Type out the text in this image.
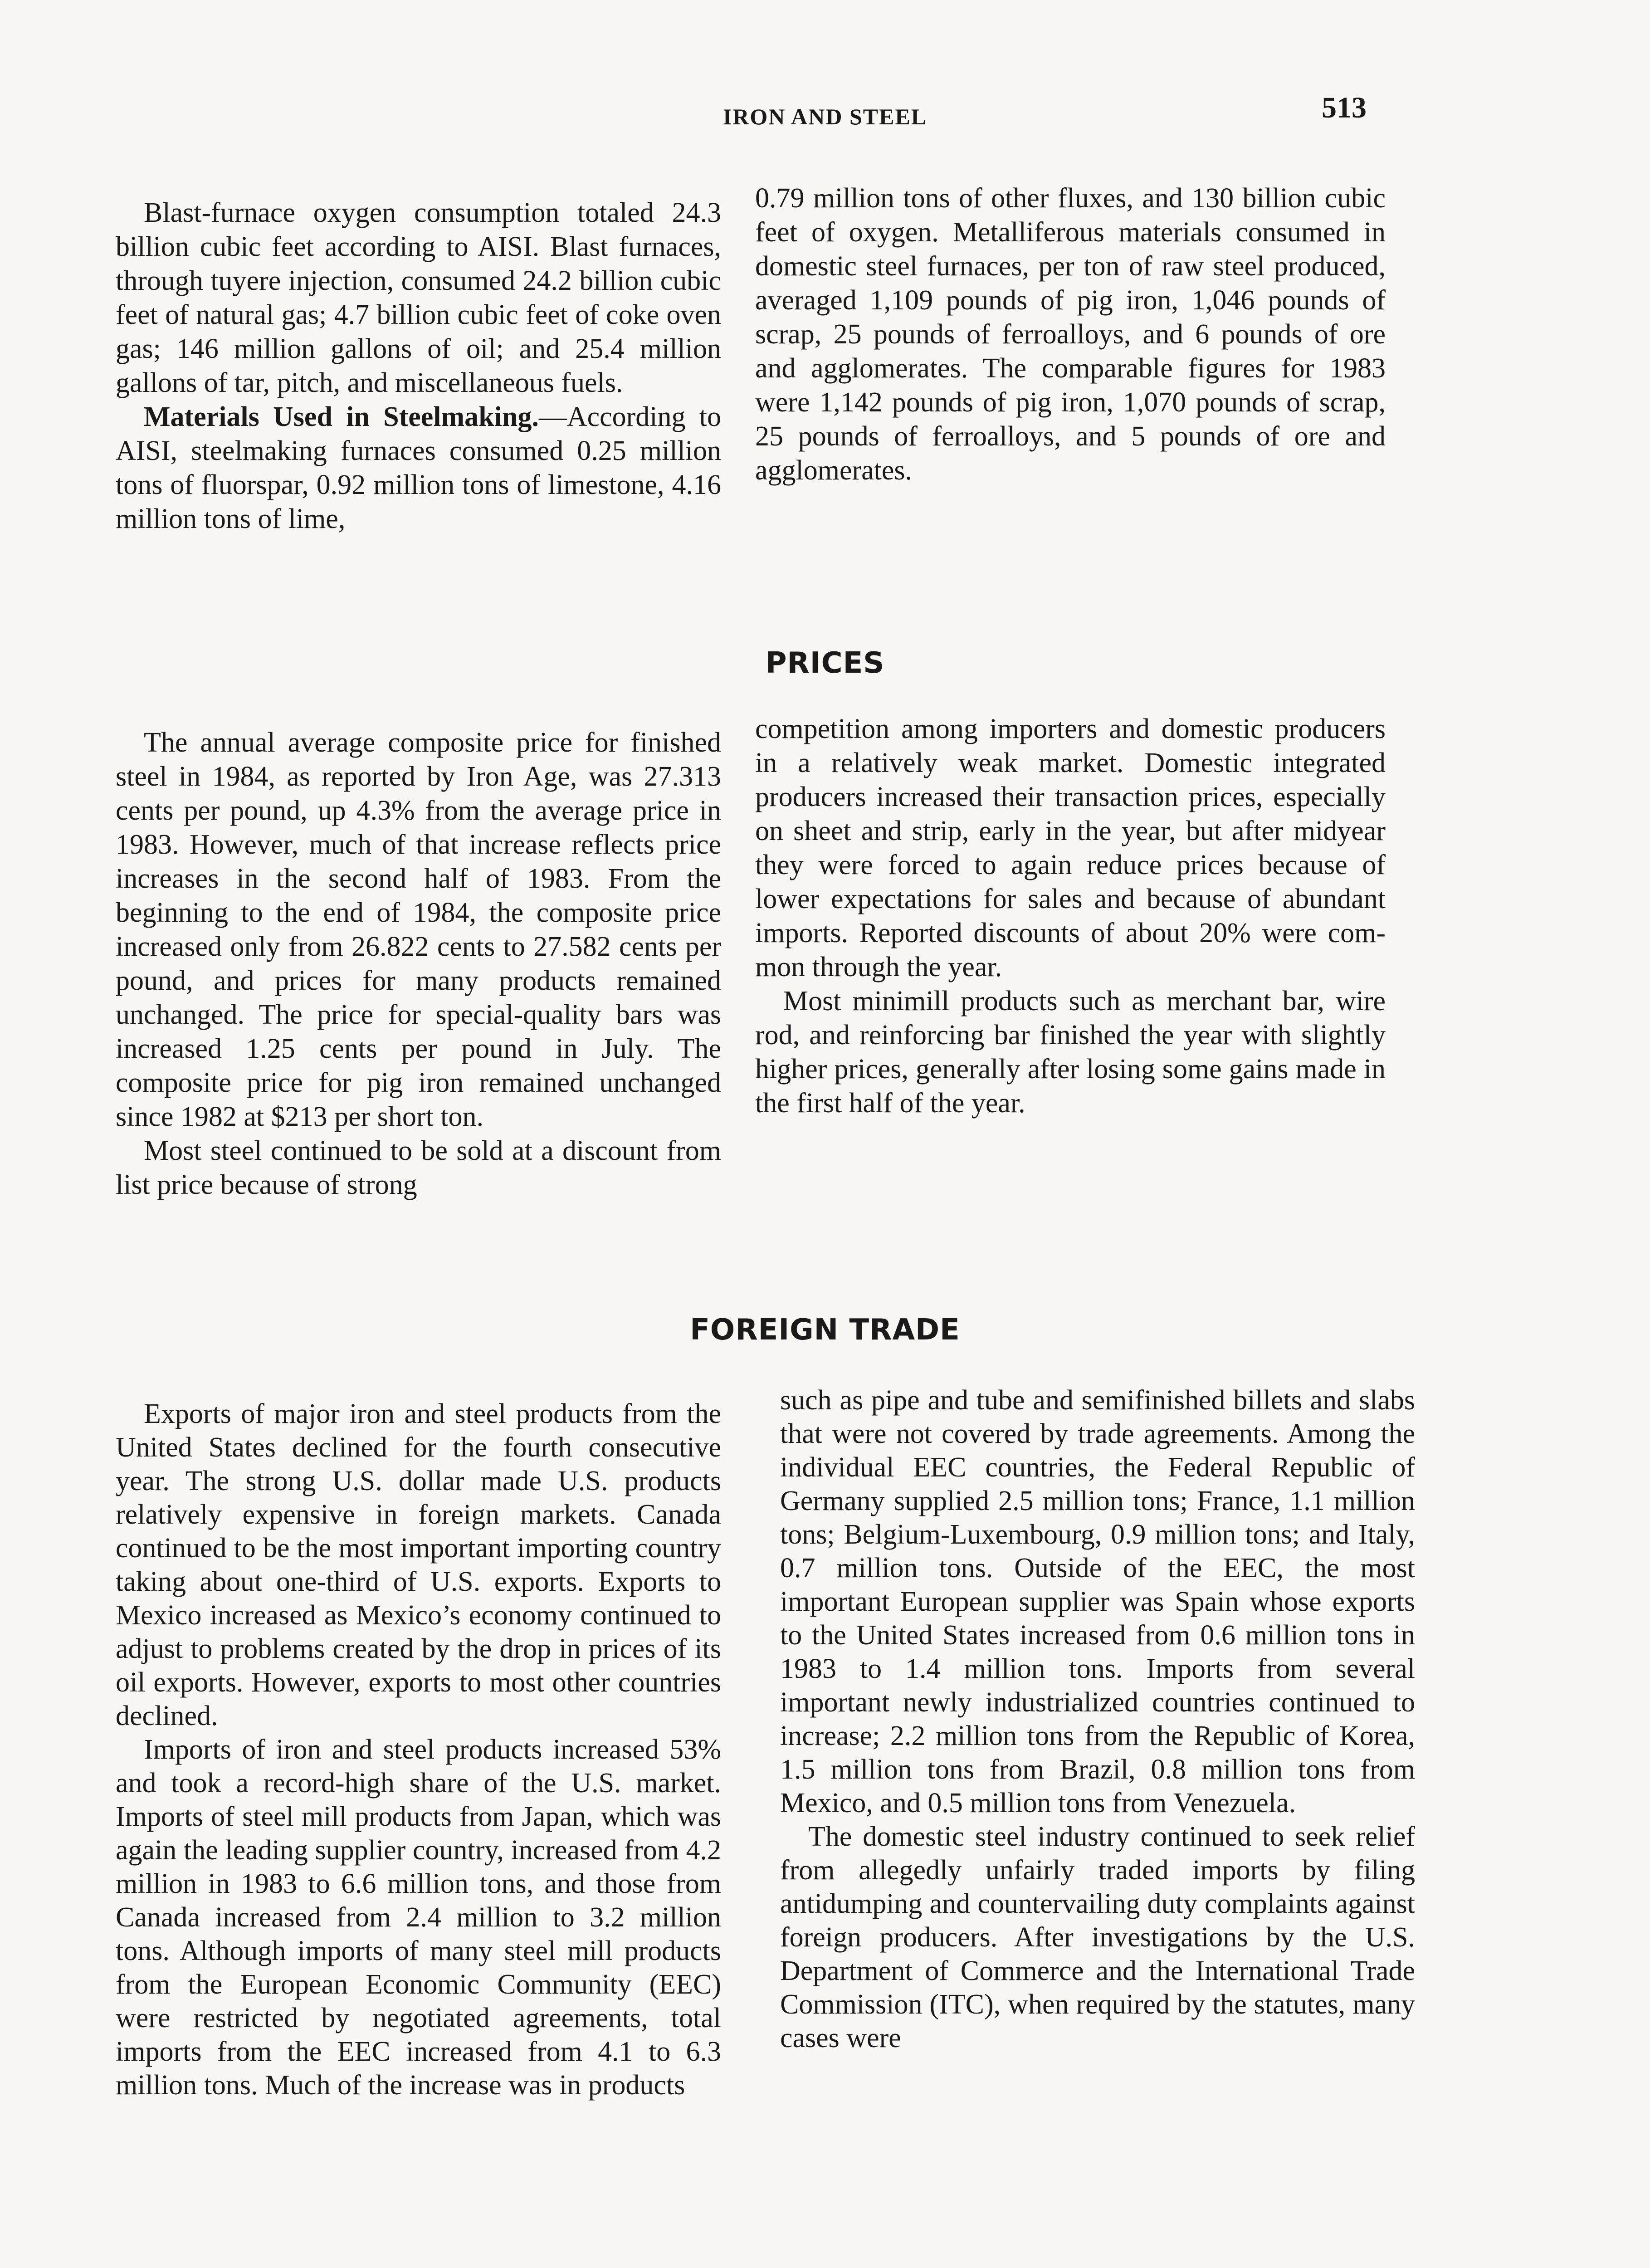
IRON AND STEEL	513

Blast-furnace oxygen consumption totaled 24.3 billion cubic feet according to AISI. Blast furnaces, through tuyere injection, consumed 24.2 billion cubic feet of natural gas; 4.7 billion cubic feet of coke oven gas; 146 million gallons of oil; and 25.4 million gallons of tar, pitch, and miscellaneous fuels.

Materials Used in Steelmaking.—According to AISI, steelmaking furnaces consumed 0.25 million tons of fluorspar, 0.92 million tons of limestone, 4.16 million tons of lime,

0.79 million tons of other fluxes, and 130 billion cubic feet of oxygen. Metalliferous materials consumed in domestic steel furnaces, per ton of raw steel produced, averaged 1,109 pounds of pig iron, 1,046 pounds of scrap, 25 pounds of ferroalloys, and 6 pounds of ore and agglomerates. The comparable figures for 1983 were 1,142 pounds of pig iron, 1,070 pounds of scrap, 25 pounds of ferroalloys, and 5 pounds of ore and agglomerates.

PRICES

The annual average composite price for finished steel in 1984, as reported by Iron Age, was 27.313 cents per pound, up 4.3% from the average price in 1983. However, much of that increase reflects price increases in the second half of 1983. From the beginning to the end of 1984, the composite price increased only from 26.822 cents to 27.582 cents per pound, and prices for many products remained unchanged. The price for special-quality bars was increased 1.25 cents per pound in July. The composite price for pig iron remained unchanged since 1982 at $213 per short ton.

Most steel continued to be sold at a discount from list price because of strong

competition among importers and domestic producers in a relatively weak market. Domestic integrated producers increased their transaction prices, especially on sheet and strip, early in the year, but after midyear they were forced to again reduce prices because of lower expectations for sales and because of abundant imports. Reported discounts of about 20% were common through the year.

Most minimill products such as merchant bar, wire rod, and reinforcing bar finished the year with slightly higher prices, generally after losing some gains made in the first half of the year.

FOREIGN TRADE

Exports of major iron and steel products from the United States declined for the fourth consecutive year. The strong U.S. dollar made U.S. products relatively expensive in foreign markets. Canada continued to be the most important importing country taking about one-third of U.S. exports. Exports to Mexico increased as Mexico’s economy continued to adjust to problems created by the drop in prices of its oil exports. However, exports to most other countries declined.

Imports of iron and steel products increased 53% and took a record-high share of the U.S. market. Imports of steel mill products from Japan, which was again the leading supplier country, increased from 4.2 million in 1983 to 6.6 million tons, and those from Canada increased from 2.4 million to 3.2 million tons. Although imports of many steel mill products from the European Economic Community (EEC) were restricted by negotiated agreements, total imports from the EEC increased from 4.1 to 6.3 million tons. Much of the increase was in products

such as pipe and tube and semifinished billets and slabs that were not covered by trade agreements. Among the individual EEC countries, the Federal Republic of Germany supplied 2.5 million tons; France, 1.1 million tons; Belgium-Luxembourg, 0.9 million tons; and Italy, 0.7 million tons. Outside of the EEC, the most important European supplier was Spain whose exports to the United States increased from 0.6 million tons in 1983 to 1.4 million tons. Imports from several important newly industrialized countries continued to increase; 2.2 million tons from the Republic of Korea, 1.5 million tons from Brazil, 0.8 million tons from Mexico, and 0.5 million tons from Venezuela.

The domestic steel industry continued to seek relief from allegedly unfairly traded imports by filing antidumping and countervailing duty complaints against foreign producers. After investigations by the U.S. Department of Commerce and the International Trade Commission (ITC), when required by the statutes, many cases were
